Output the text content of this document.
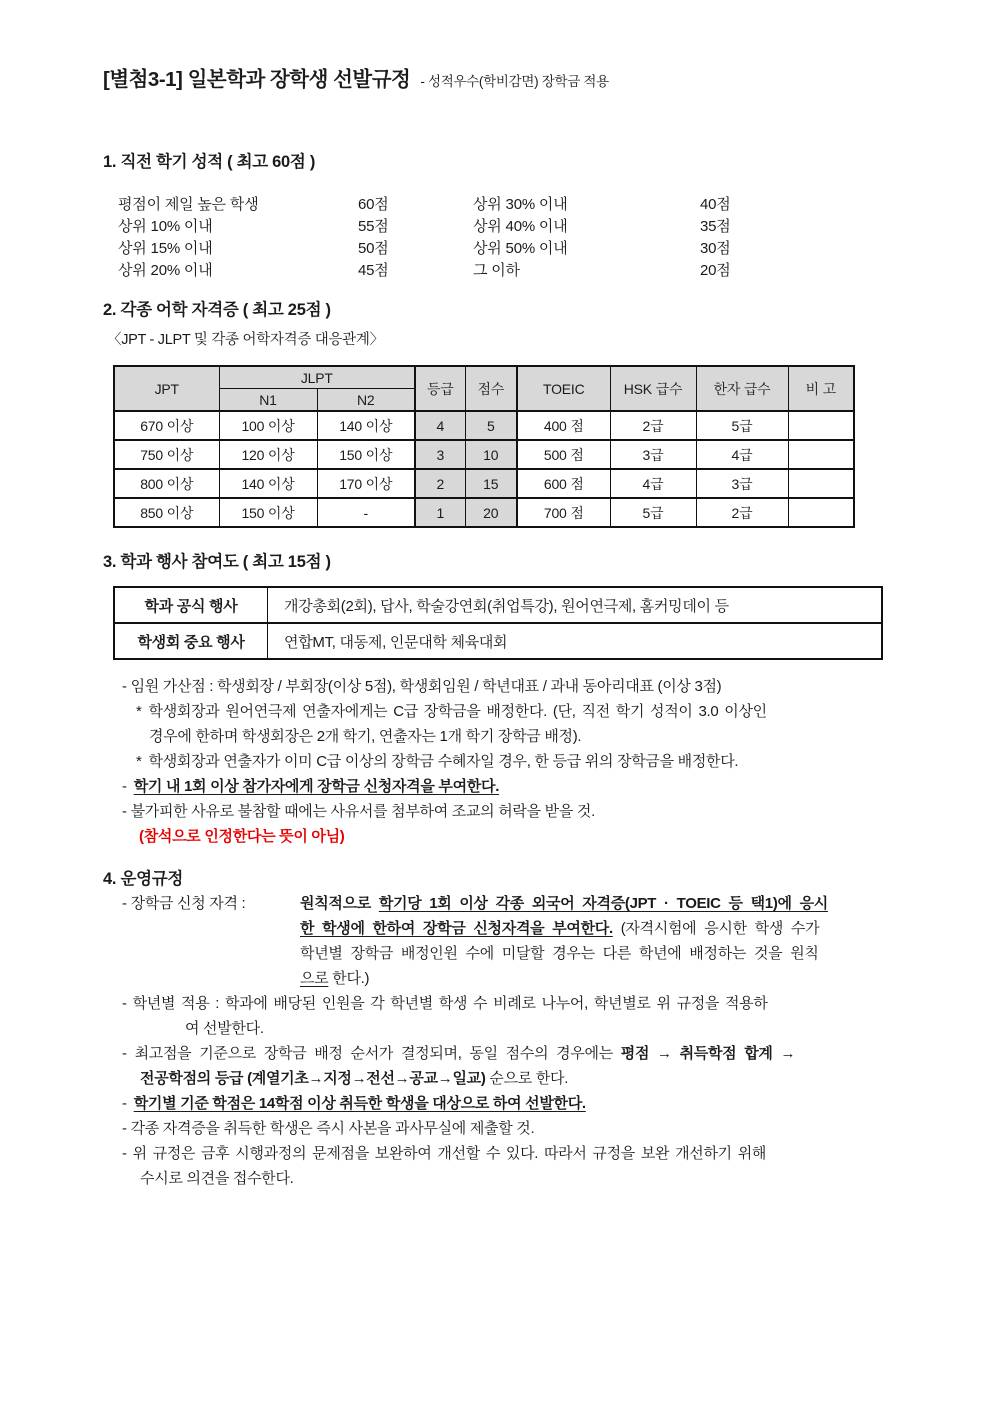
[별첨3-1] 일본학과 장학생 선발규정 - 성적우수(학비감면) 장학금 적용
1. 직전 학기 성적 ( 최고 60점 )
평점이 제일 높은 학생	60점	상위 30% 이내	40점
상위 10% 이내	55점	상위 40% 이내	35점
상위 15% 이내	50점	상위 50% 이내	30점
상위 20% 이내	45점	그 이하	20점
2. 각종 어학 자격증 ( 최고 25점 )
〈JPT - JLPT 및 각종 어학자격증 대응관계〉
JPT	JLPT		등급	점수	TOEIC	HSK 급수	한자 급수	비 고
	N1	N2						
670 이상	100 이상	140 이상	4	5	400 점	2급	5급	
750 이상	120 이상	150 이상	3	10	500 점	3급	4급	
800 이상	140 이상	170 이상	2	15	600 점	4급	3급	
850 이상	150 이상	-	1	20	700 점	5급	2급	
3. 학과 행사 참여도 ( 최고 15점 )
학과 공식 행사	개강총회(2회), 답사, 학술강연회(취업특강), 원어연극제, 홈커밍데이 등
학생회 중요 행사	연합MT, 대동제, 인문대학 체육대회
- 임원 가산점 : 학생회장 / 부회장(이상 5점), 학생회임원 / 학년대표 / 과내 동아리대표 (이상 3점)
* 학생회장과 원어연극제 연출자에게는 C급 장학금을 배정한다. (단, 직전 학기 성적이 3.0 이상인
경우에 한하며 학생회장은 2개 학기, 연출자는 1개 학기 장학금 배정).
* 학생회장과 연출자가 이미 C급 이상의 장학금 수혜자일 경우, 한 등급 위의 장학금을 배정한다.
- 학기 내 1회 이상 참가자에게 장학금 신청자격을 부여한다.
- 불가피한 사유로 불참할 때에는 사유서를 첨부하여 조교의 허락을 받을 것.
(참석으로 인정한다는 뜻이 아님)
4. 운영규정
- 장학금 신청 자격 :	원칙적으로 학기당 1회 이상 각종 외국어 자격증(JPT · TOEIC 등 택1)에 응시
한 학생에 한하여 장학금 신청자격을 부여한다. (자격시험에 응시한 학생 수가
학년별 장학금 배정인원 수에 미달할 경우는 다른 학년에 배정하는 것을 원칙
으로 한다.)
- 학년별 적용 : 학과에 배당된 인원을 각 학년별 학생 수 비례로 나누어, 학년별로 위 규정을 적용하
여 선발한다.
- 최고점을 기준으로 장학금 배정 순서가 결정되며, 동일 점수의 경우에는 평점 → 취득학점 합계 →
전공학점의 등급 (계열기초→지정→전선→공교→일교) 순으로 한다.
- 학기별 기준 학점은 14학점 이상 취득한 학생을 대상으로 하여 선발한다.
- 각종 자격증을 취득한 학생은 즉시 사본을 과사무실에 제출할 것.
- 위 규정은 금후 시행과정의 문제점을 보완하여 개선할 수 있다. 따라서 규정을 보완 개선하기 위해
수시로 의견을 접수한다.
